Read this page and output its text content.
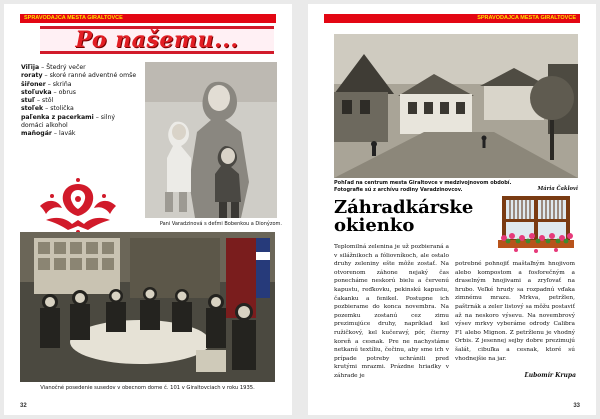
SPRAVODAJCA MESTA GIRALTOVCE
Po našemu...

Viľija – Štedrý večer

roraty – skoré ranné adventné omše

šiřoner – skriňa

stoľuvka – obrus

stuľ – stôl

stoľek – stolička

paľenka z pacerkami – silný domáci alkohol

maňogár – lavák

Pani Varadzinová s deťmi Bobenkou a Dionýzom.
Vianočné posedenie susedov v obecnom dome č. 101 v Giraltovciach v roku 1935.
32
SPRAVODAJCA MESTA GIRALTOVCE
Pohľad na centrum mesta Giraltovce v medzivojnovom období.
Fotografie sú z archívu rodiny Varadzinovcov.	Mária Čaklovi
Záhradkárske
okienko
Teplomilná zelenina je už pozbieraná a v silážnikoch a fóliovníkoch, ale ostalo druhy zeleniny ešte môže zostať. Na otvorenom záhone nejaký čas ponecháme neskorú bielu a červenú kapustu, reďkovku, pekinskú kapustu, čakanku a fenikel. Postupne ich pozbierame do konca novembra. Na pozemku zostanú cez zimu prezimujúce druhy, napríklad kel ružičkový, kel kučeravý, pór, čierny koreň a cesnak. Pre ne nachystáme netkanú textíliu, čečinu, aby sme ich v prípade potreby uchránili pred krutými mrazmi. Prázdne hriadky v záhrade je
potrebné pohnojiť maštaľným hnojivom alebo kompostom a fosforečným a draselným hnojivami a zryľovať na hrubo. Veľké hrudy sa rozpadnú vďaka zimnému mrazu. Mrkva, petržlen, paštrnák a zeler listový sa môžu postaviť až na neskoro výsevu. Na novembrový výsev mrkvy vyberáme odrody Calibra F1 alebo Mignon. Z petržlenu je vhodný Orbis. Z jesennej sejby dobre prezimujú šalát, cibuľka a cesnak, ktoré sú vhodnejšie na jar.
Ľubomír Krupa
33
